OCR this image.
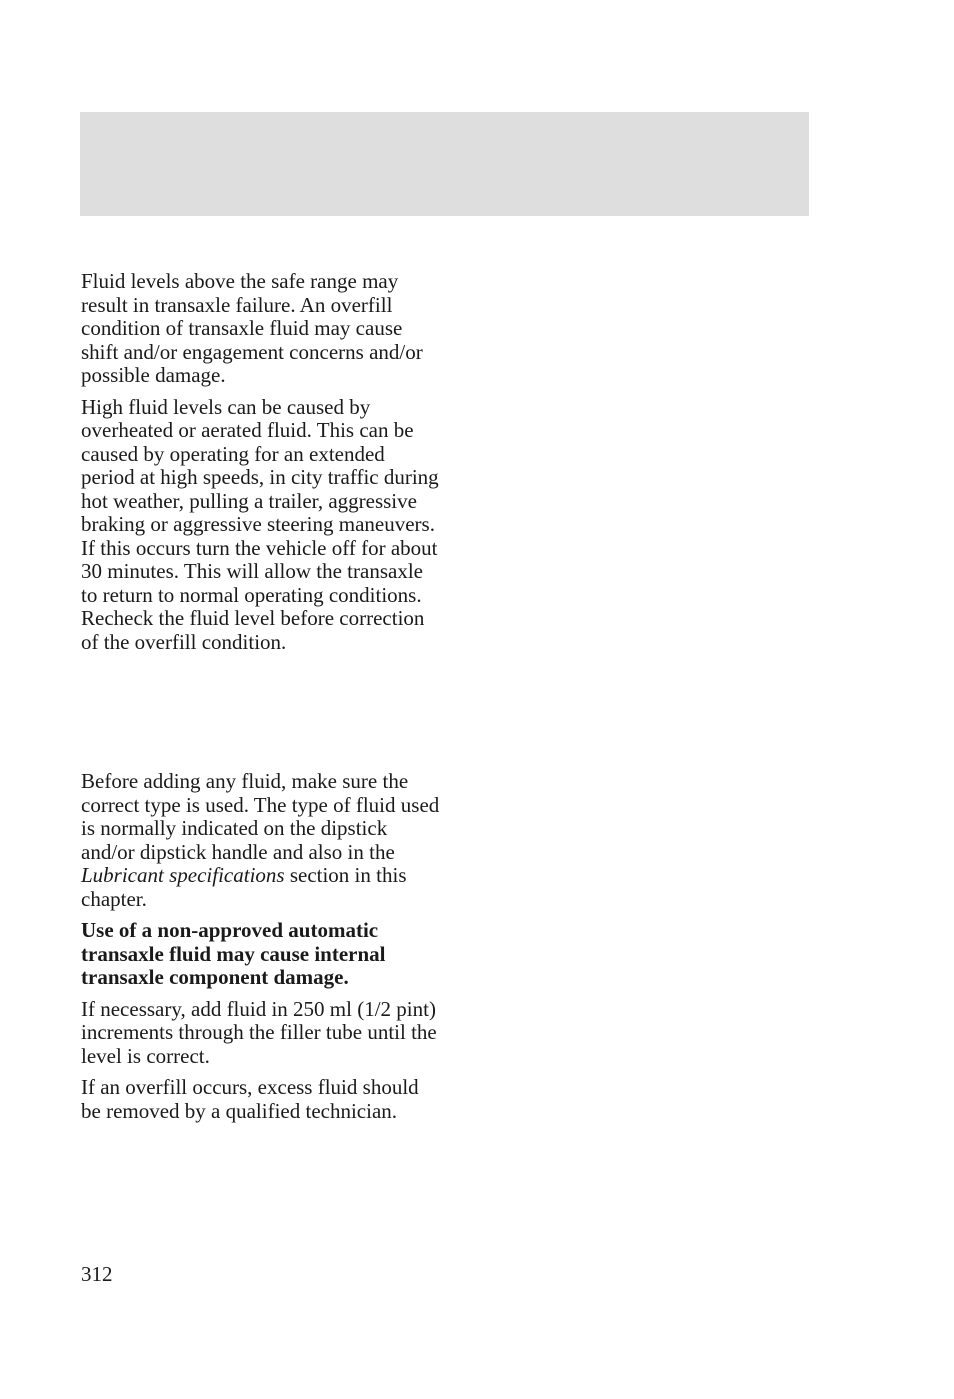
Fluid levels above the safe range may result in transaxle failure. An overfill condition of transaxle fluid may cause shift and/or engagement concerns and/or possible damage.

High fluid levels can be caused by overheated or aerated fluid. This can be caused by operating for an extended period at high speeds, in city traffic during hot weather, pulling a trailer, aggressive braking or aggressive steering maneuvers. If this occurs turn the vehicle off for about 30 minutes. This will allow the transaxle to return to normal operating conditions. Recheck the fluid level before correction of the overfill condition.

Before adding any fluid, make sure the correct type is used. The type of fluid used is normally indicated on the dipstick and/or dipstick handle and also in the Lubricant specifications section in this chapter.

Use of a non-approved automatic transaxle fluid may cause internal transaxle component damage.

If necessary, add fluid in 250 ml (1/2 pint) increments through the filler tube until the level is correct.

If an overfill occurs, excess fluid should be removed by a qualified technician.

312
